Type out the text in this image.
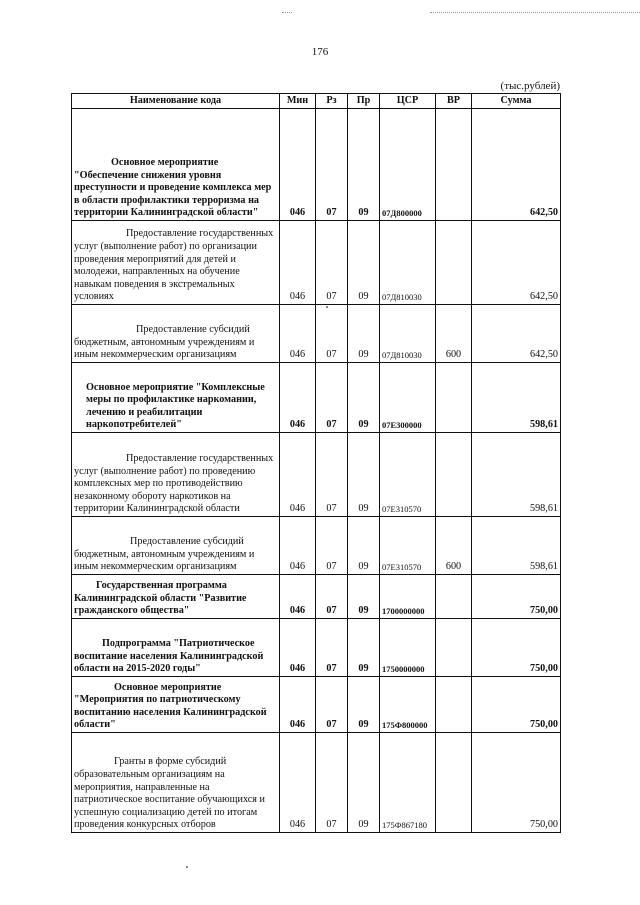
176
(тыс.рублей)
Наименование кода	Мин	Рз	Пр	ЦСР	ВР	Сумма
Основное мероприятие "Обеспечение снижения уровня преступности и проведение комплекса мер в области профилактики терроризма на территории Калининградской области"	046	07	09	07Д800000		642,50
Предоставление государственных услуг (выполнение работ) по организации проведения мероприятий для детей и молодежи, направленных на обучение навыкам поведения в экстремальных условиях	046	07	09	07Д810030		642,50
Предоставление субсидий бюджетным, автономным учреждениям и иным некоммерческим организациям	046	07	09	07Д810030	600	642,50
Основное мероприятие "Комплексные меры по профилактике наркомании, лечению и реабилитации наркопотребителей"	046	07	09	07Е300000		598,61
Предоставление государственных услуг (выполнение работ) по проведению комплексных мер по противодействию незаконному обороту наркотиков на территории Калининградской области	046	07	09	07Е310570		598,61
Предоставление субсидий бюджетным, автономным учреждениям и иным некоммерческим организациям	046	07	09	07Е310570	600	598,61
Государственная программа Калининградской области "Развитие гражданского общества"	046	07	09	1700000000		750,00
Подпрограмма "Патриотическое воспитание населения Калининградской области на 2015-2020 годы"	046	07	09	1750000000		750,00
Основное мероприятие "Мероприятия по патриотическому воспитанию населения Калининградской области"	046	07	09	175Ф800000		750,00
Гранты в форме субсидий образовательным организациям на мероприятия, направленные на патриотическое воспитание обучающихся и успешную социализацию детей по итогам проведения конкурсных отборов	046	07	09	175Ф867180		750,00
